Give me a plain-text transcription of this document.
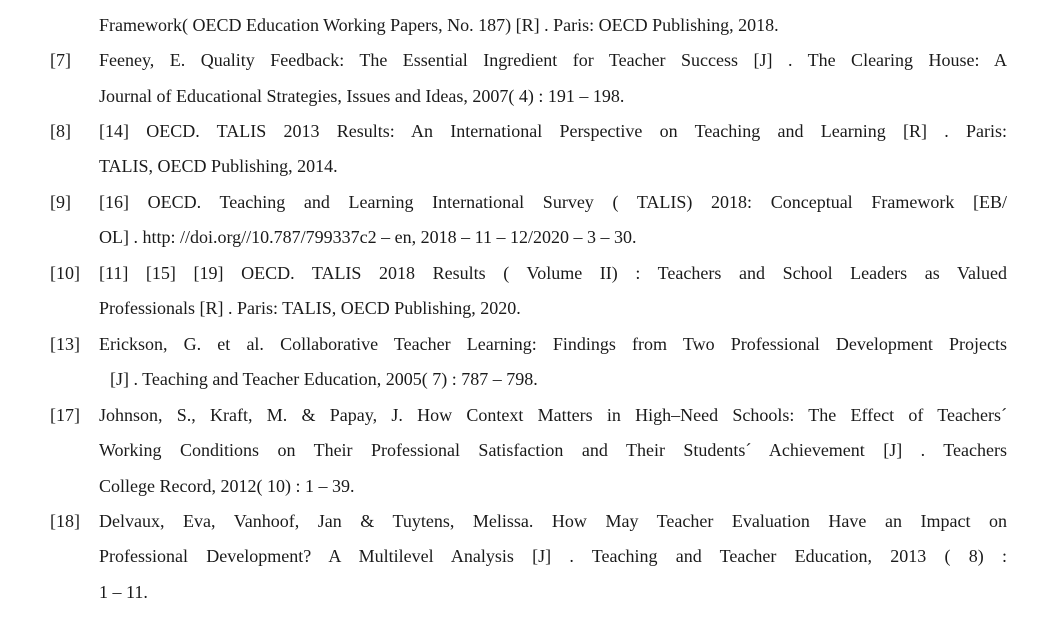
Framework( OECD Education Working Papers, No. 187) [R] . Paris: OECD Publishing, 2018.
[7] Feeney, E. Quality Feedback: The Essential Ingredient for Teacher Success [J] . The Clearing House: A
Journal of Educational Strategies, Issues and Ideas, 2007( 4) : 191 – 198.
[8] [14] OECD. TALIS 2013 Results: An International Perspective on Teaching and Learning [R] . Paris:
TALIS, OECD Publishing, 2014.
[9] [16] OECD. Teaching and Learning International Survey ( TALIS) 2018: Conceptual Framework [EB/
OL] . http: //doi.org//10.787/799337c2 – en, 2018 – 11 – 12/2020 – 3 – 30.
[10] [11] [15] [19] OECD. TALIS 2018 Results ( Volume II) : Teachers and School Leaders as Valued
Professionals [R] . Paris: TALIS, OECD Publishing, 2020.
[13] Erickson, G. et al. Collaborative Teacher Learning: Findings from Two Professional Development Projects
[J] . Teaching and Teacher Education, 2005( 7) : 787 – 798.
[17] Johnson, S., Kraft, M. & Papay, J. How Context Matters in High–Need Schools: The Effect of Teachers´
Working Conditions on Their Professional Satisfaction and Their Students´ Achievement [J] . Teachers
College Record, 2012( 10) : 1 – 39.
[18] Delvaux, Eva, Vanhoof, Jan & Tuytens, Melissa. How May Teacher Evaluation Have an Impact on
Professional Development? A Multilevel Analysis [J] . Teaching and Teacher Education, 2013 ( 8) :
1 – 11.
